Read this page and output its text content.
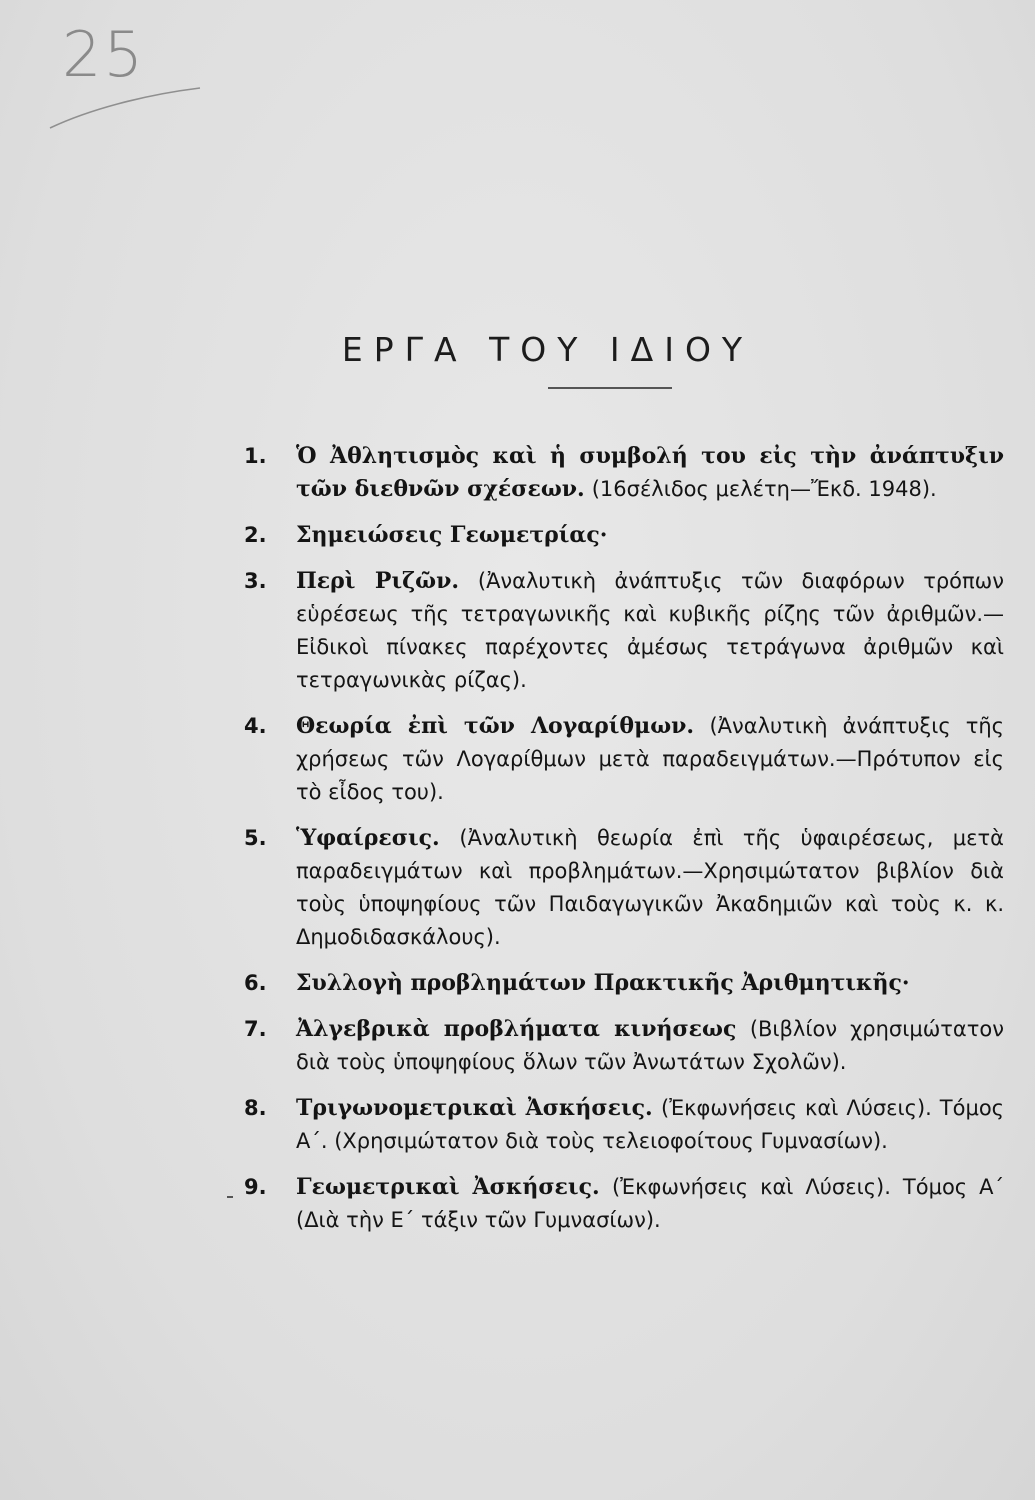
25
ΕΡΓΑ ΤΟΥ ΙΔΙΟΥ
1. Ὁ Ἀθλητισμὸς καὶ ἡ συμβολή του εἰς τὴν ἀνάπτυξιν τῶν διεθνῶν σχέσεων. (16σέλιδος μελέτη—Ἔκδ. 1948).
2. Σημειώσεις Γεωμετρίας·
3. Περὶ Ριζῶν. (Ἀναλυτικὴ ἀνάπτυξις τῶν διαφόρων τρόπων εὑρέσεως τῆς τετραγωνικῆς καὶ κυβικῆς ρίζης τῶν ἀριθμῶν.— Εἰδικοὶ πίνακες παρέχοντες ἀμέσως τετράγωνα ἀριθμῶν καὶ τετραγωνικὰς ρίζας).
4. Θεωρία ἐπὶ τῶν Λογαρίθμων. (Ἀναλυτικὴ ἀνάπτυξις τῆς χρήσεως τῶν Λογαρίθμων μετὰ παραδειγμάτων.—Πρότυπον εἰς τὸ εἶδος του).
5. Ὑφαίρεσις. (Ἀναλυτικὴ θεωρία ἐπὶ τῆς ὑφαιρέσεως, μετὰ παραδειγμάτων καὶ προβλημάτων.—Χρησιμώτατον βιβλίον διὰ τοὺς ὑποψηφίους τῶν Παιδαγωγικῶν Ἀκαδημιῶν καὶ τοὺς κ. κ. Δημοδιδασκάλους).
6. Συλλογὴ προβλημάτων Πρακτικῆς Ἀριθμητικῆς·
7. Ἀλγεβρικὰ προβλήματα κινήσεως (Βιβλίον χρησιμώτατον διὰ τοὺς ὑποψηφίους ὅλων τῶν Ἀνωτάτων Σχολῶν).
8. Τριγωνομετρικαὶ Ἀσκήσεις. (Ἐκφωνήσεις καὶ Λύσεις). Τόμος Α΄. (Χρησιμώτατον διὰ τοὺς τελειοφοίτους Γυμνασίων).
9. Γεωμετρικαὶ Ἀσκήσεις. (Ἐκφωνήσεις καὶ Λύσεις). Τόμος Α΄ (Διὰ τὴν Ε΄ τάξιν τῶν Γυμνασίων).
